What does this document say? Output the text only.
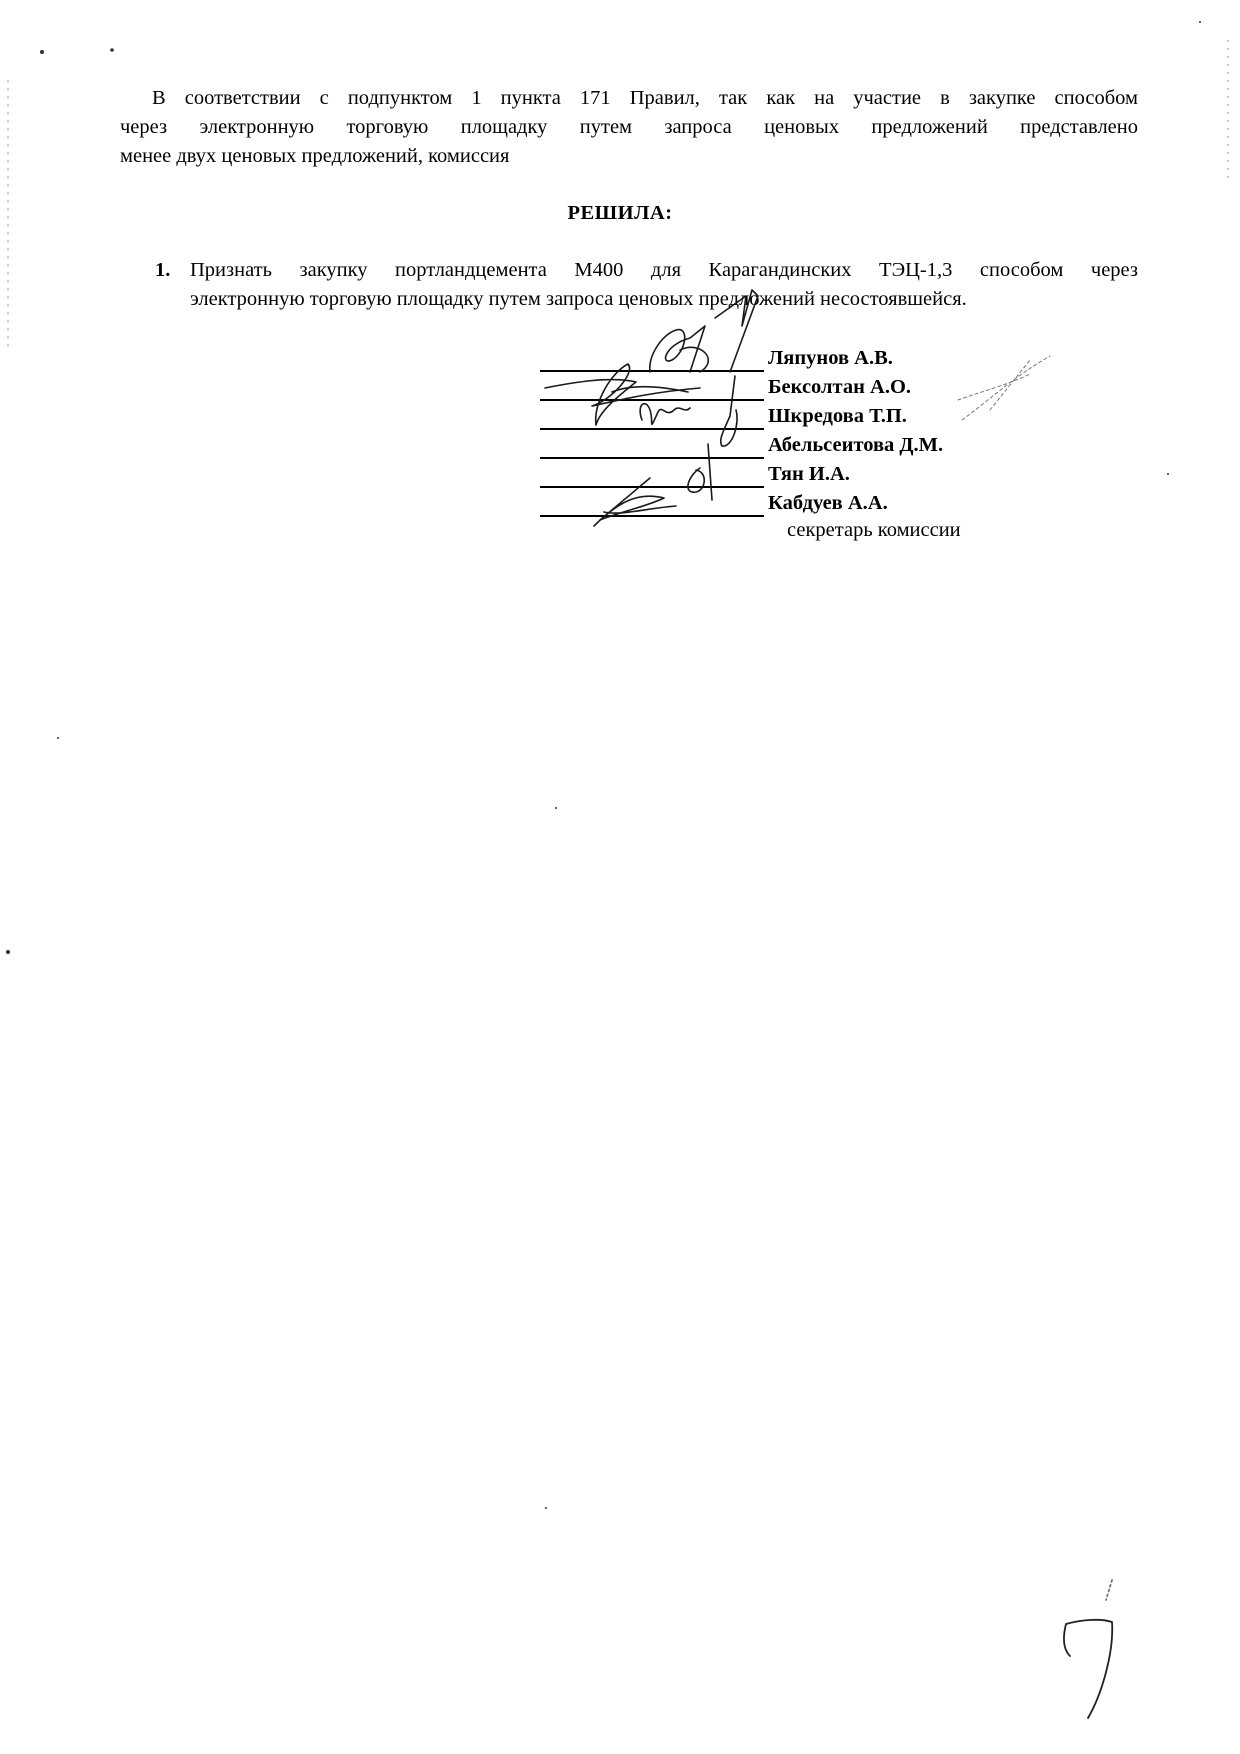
В соответствии с подпунктом 1 пункта 171 Правил, так как на участие в закупке способом
через электронную торговую площадку путем запроса ценовых предложений представлено
менее двух ценовых предложений, комиссия
РЕШИЛА:
1. Признать закупку портландцемента М400 для Карагандинских ТЭЦ-1,3 способом через
электронную торговую площадку путем запроса ценовых предложений несостоявшейся.
Ляпунов А.В.
Бексолтан А.О.
Шкредова Т.П.
Абельсеитова Д.М.
Тян И.А.
Кабдуев А.А.
секретарь комиссии
